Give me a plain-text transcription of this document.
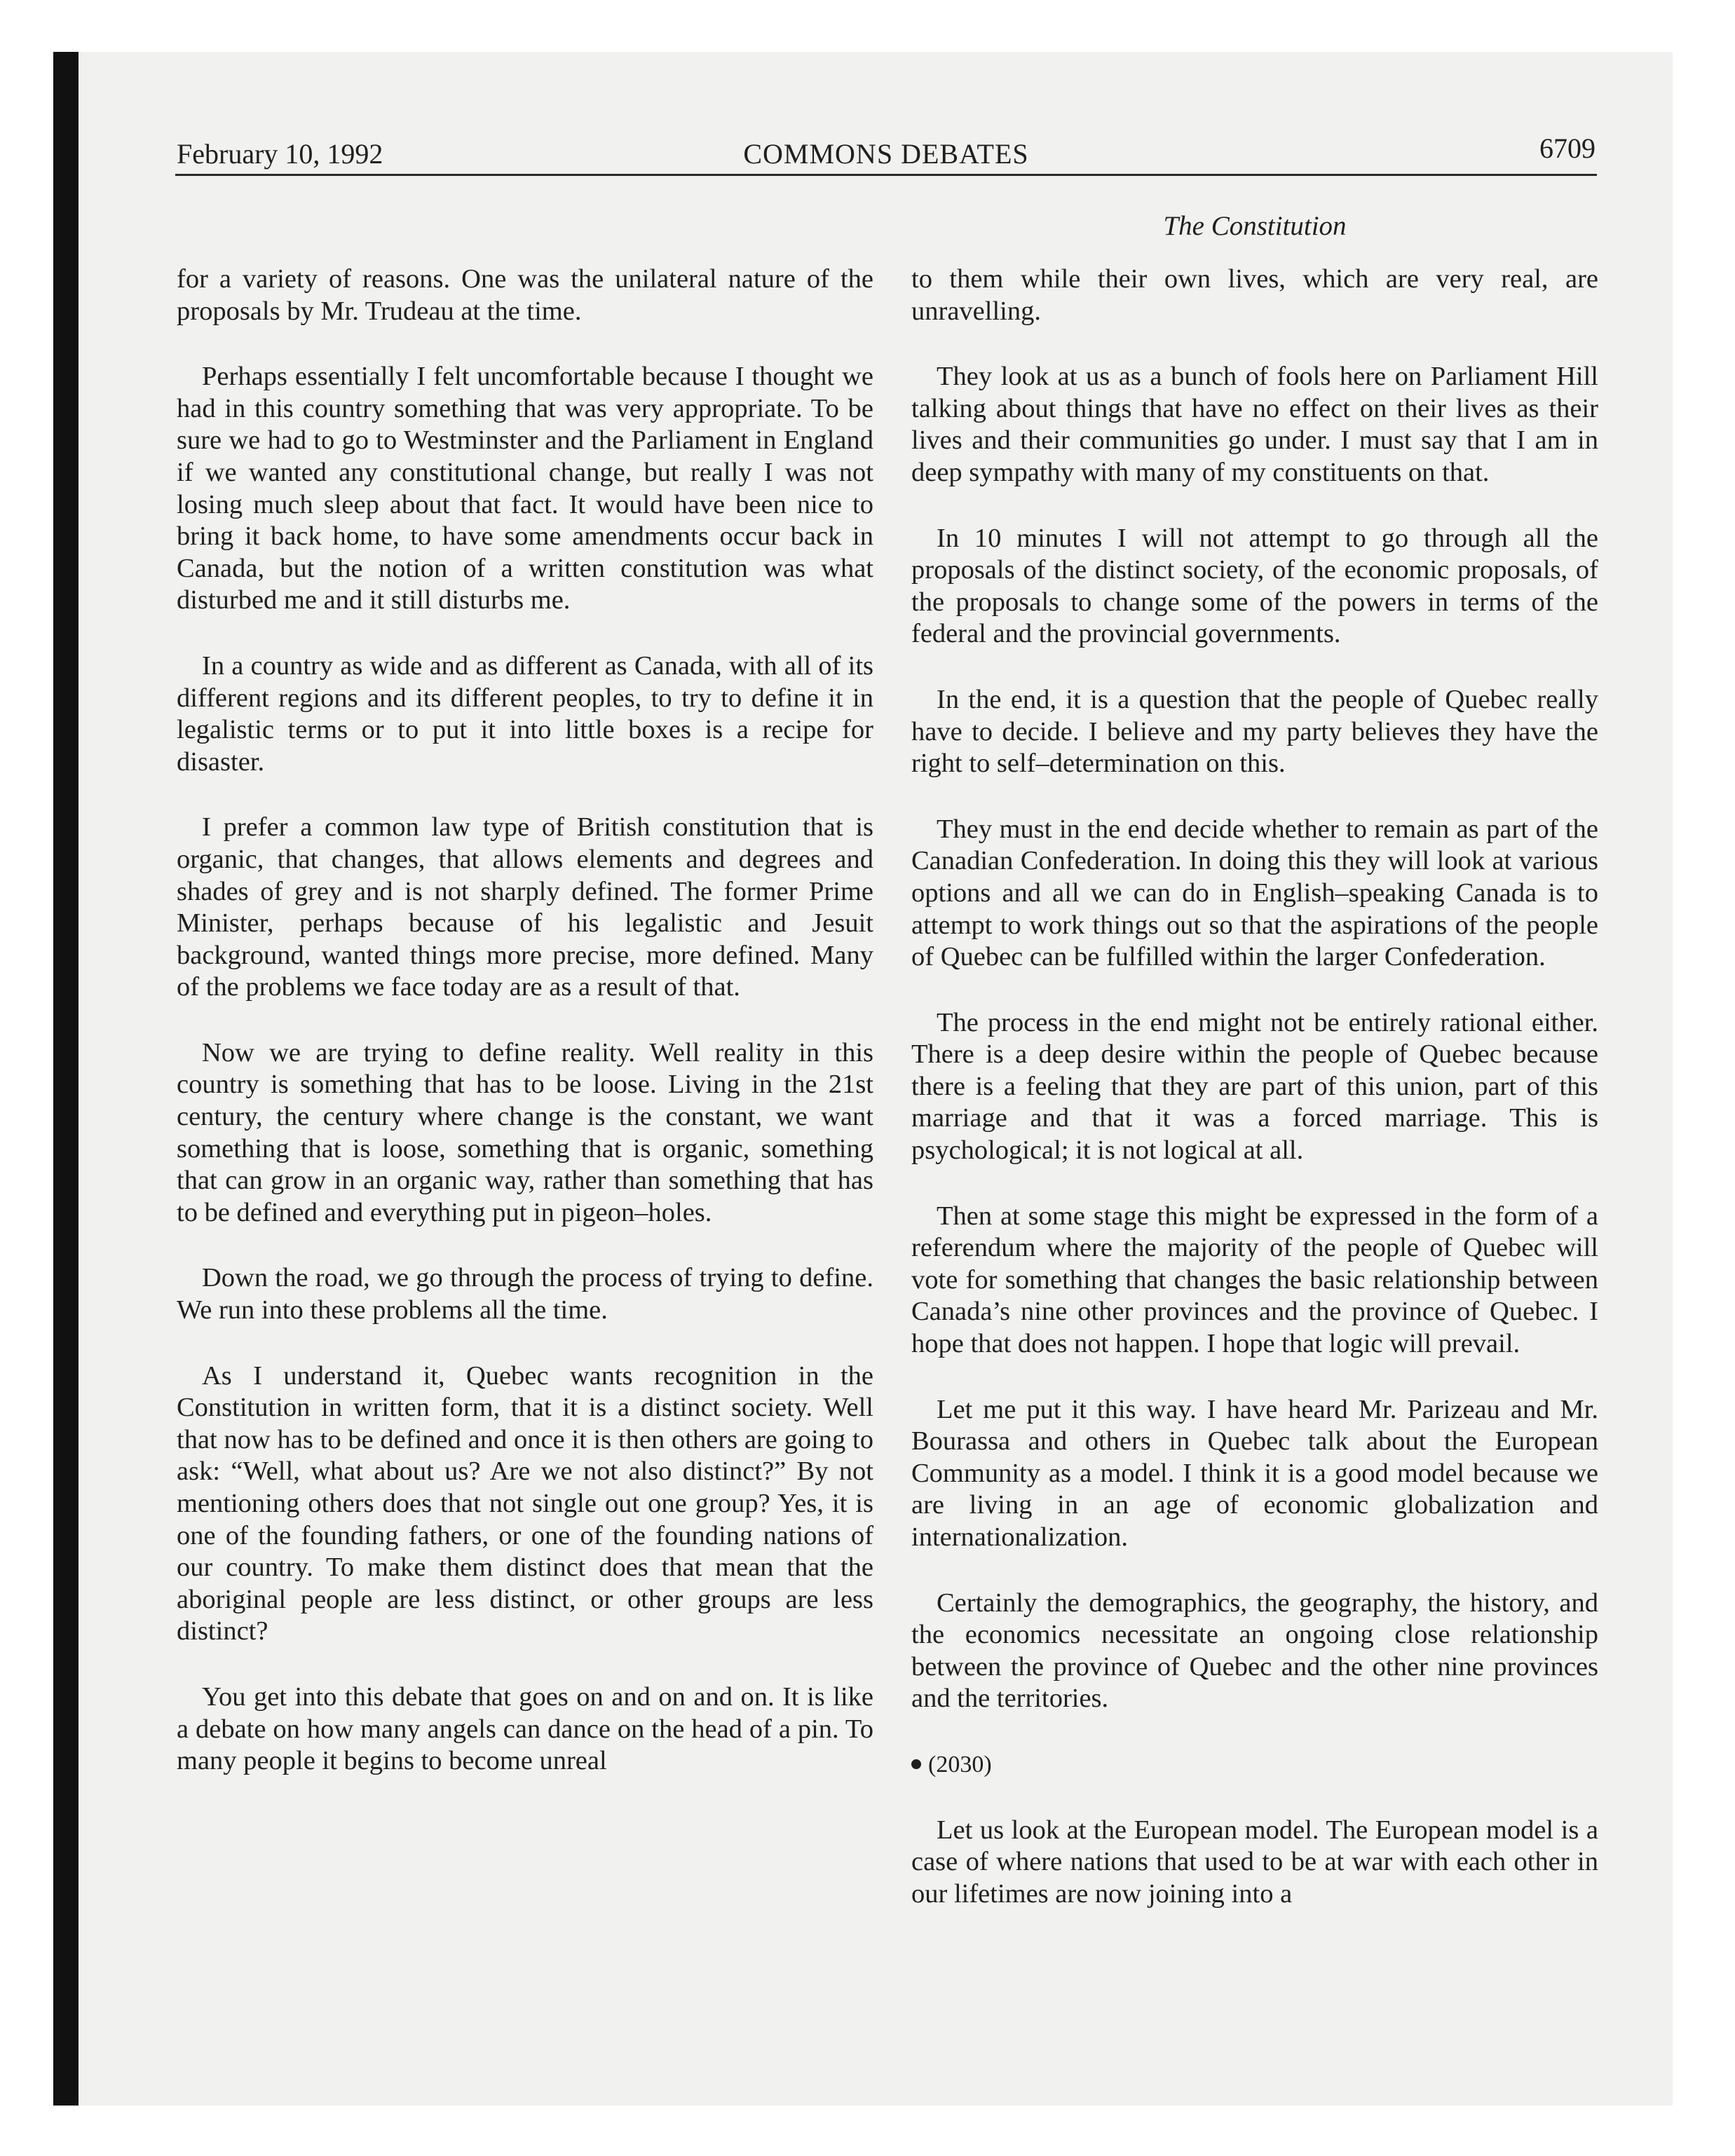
February 10, 1992	COMMONS DEBATES	6709
The Constitution

for a variety of reasons. One was the unilateral nature of the proposals by Mr. Trudeau at the time.

Perhaps essentially I felt uncomfortable because I thought we had in this country something that was very appropriate. To be sure we had to go to Westminster and the Parliament in England if we wanted any constitutional change, but really I was not losing much sleep about that fact. It would have been nice to bring it back home, to have some amendments occur back in Canada, but the notion of a written constitution was what disturbed me and it still disturbs me.

In a country as wide and as different as Canada, with all of its different regions and its different peoples, to try to define it in legalistic terms or to put it into little boxes is a recipe for disaster.

I prefer a common law type of British constitution that is organic, that changes, that allows elements and degrees and shades of grey and is not sharply defined. The former Prime Minister, perhaps because of his legalistic and Jesuit background, wanted things more precise, more defined. Many of the problems we face today are as a result of that.

Now we are trying to define reality. Well reality in this country is something that has to be loose. Living in the 21st century, the century where change is the constant, we want something that is loose, something that is organic, something that can grow in an organic way, rather than something that has to be defined and everything put in pigeon–holes.

Down the road, we go through the process of trying to define. We run into these problems all the time.

As I understand it, Quebec wants recognition in the Constitution in written form, that it is a distinct society. Well that now has to be defined and once it is then others are going to ask: “Well, what about us? Are we not also distinct?” By not mentioning others does that not single out one group? Yes, it is one of the founding fathers, or one of the founding nations of our country. To make them distinct does that mean that the aboriginal people are less distinct, or other groups are less distinct?

You get into this debate that goes on and on and on. It is like a debate on how many angels can dance on the head of a pin. To many people it begins to become unreal

to them while their own lives, which are very real, are unravelling.

They look at us as a bunch of fools here on Parliament Hill talking about things that have no effect on their lives as their lives and their communities go under. I must say that I am in deep sympathy with many of my constituents on that.

In 10 minutes I will not attempt to go through all the proposals of the distinct society, of the economic proposals, of the proposals to change some of the powers in terms of the federal and the provincial governments.

In the end, it is a question that the people of Quebec really have to decide. I believe and my party believes they have the right to self–determination on this.

They must in the end decide whether to remain as part of the Canadian Confederation. In doing this they will look at various options and all we can do in English–speaking Canada is to attempt to work things out so that the aspirations of the people of Quebec can be fulfilled within the larger Confederation.

The process in the end might not be entirely rational either. There is a deep desire within the people of Quebec because there is a feeling that they are part of this union, part of this marriage and that it was a forced marriage. This is psychological; it is not logical at all.

Then at some stage this might be expressed in the form of a referendum where the majority of the people of Quebec will vote for something that changes the basic relationship between Canada’s nine other provinces and the province of Quebec. I hope that does not happen. I hope that logic will prevail.

Let me put it this way. I have heard Mr. Parizeau and Mr. Bourassa and others in Quebec talk about the European Community as a model. I think it is a good model because we are living in an age of economic globalization and internationalization.

Certainly the demographics, the geography, the history, and the economics necessitate an ongoing close relationship between the province of Quebec and the other nine provinces and the territories.

(2030)

Let us look at the European model. The European model is a case of where nations that used to be at war with each other in our lifetimes are now joining into a
